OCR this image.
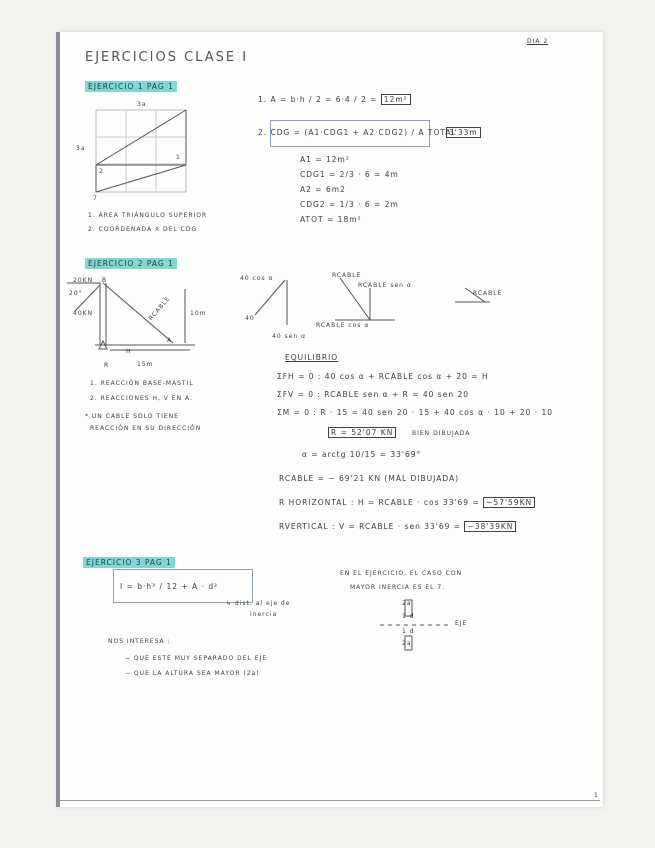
DIA 2
EJERCICIOS CLASE I
EJERCICIO 1 PAG 1
3a
3a
1
2
7
1. A = b·h / 2 = 6·4 / 2 = 12m²
2. CDG = (A1·CDG1 + A2·CDG2) / A TOTAL
3'33m
A1 = 12m²
CDG1 = 2/3 · 6 = 4m
A2 = 6m2
CDG2 = 1/3 · 6 = 2m
ATOT = 18m²
1. ÁREA TRIÁNGULO SUPERIOR
2. COORDENADA X DEL CDG
EJERCICIO 2 PAG 1
20KN B
20°
40KN	RCABLE	10m
A
H
R	15m
40 cos α
40
40 sen α
RCABLE
RCABLE sen α
RCABLE cos α
RCABLE
1. REACCIÓN BASE-MÁSTIL
2. REACCIONES H, V EN A.
* UN CABLE SOLO TIENE
REACCIÓN EN SU DIRECCIÓN
EQUILIBRIO
ΣFH = 0 : 40 cos α + RCABLE cos α + 20 = H
ΣFV = 0 : RCABLE sen α + R = 40 sen 20
ΣM = 0 : R · 15 = 40 sen 20 · 15 + 40 cos α · 10 + 20 · 10
R = 52'07 KN	BIEN DIBUJADA
α = arctg 10/15 = 33'69°
RCABLE = − 69'21 KN (MAL DIBUJADA)
R HORIZONTAL : H = RCABLE · cos 33'69 = −57'59KN
RVERTICAL : V = RCABLE · sen 33'69 = −38'39KN
EJERCICIO 3 PAG 1
I = b·h³ / 12 + A · d²
↳ dist. al eje de
inercia
NOS INTERESA :
− QUE ESTÉ MUY SEPARADO DEL EJE
− QUE LA ALTURA SEA MAYOR (2a)
EN EL EJERCICIO, EL CASO CON
MAYOR INERCIA ES EL 7.
2a
1 d
EJE
1 d
2a
1
